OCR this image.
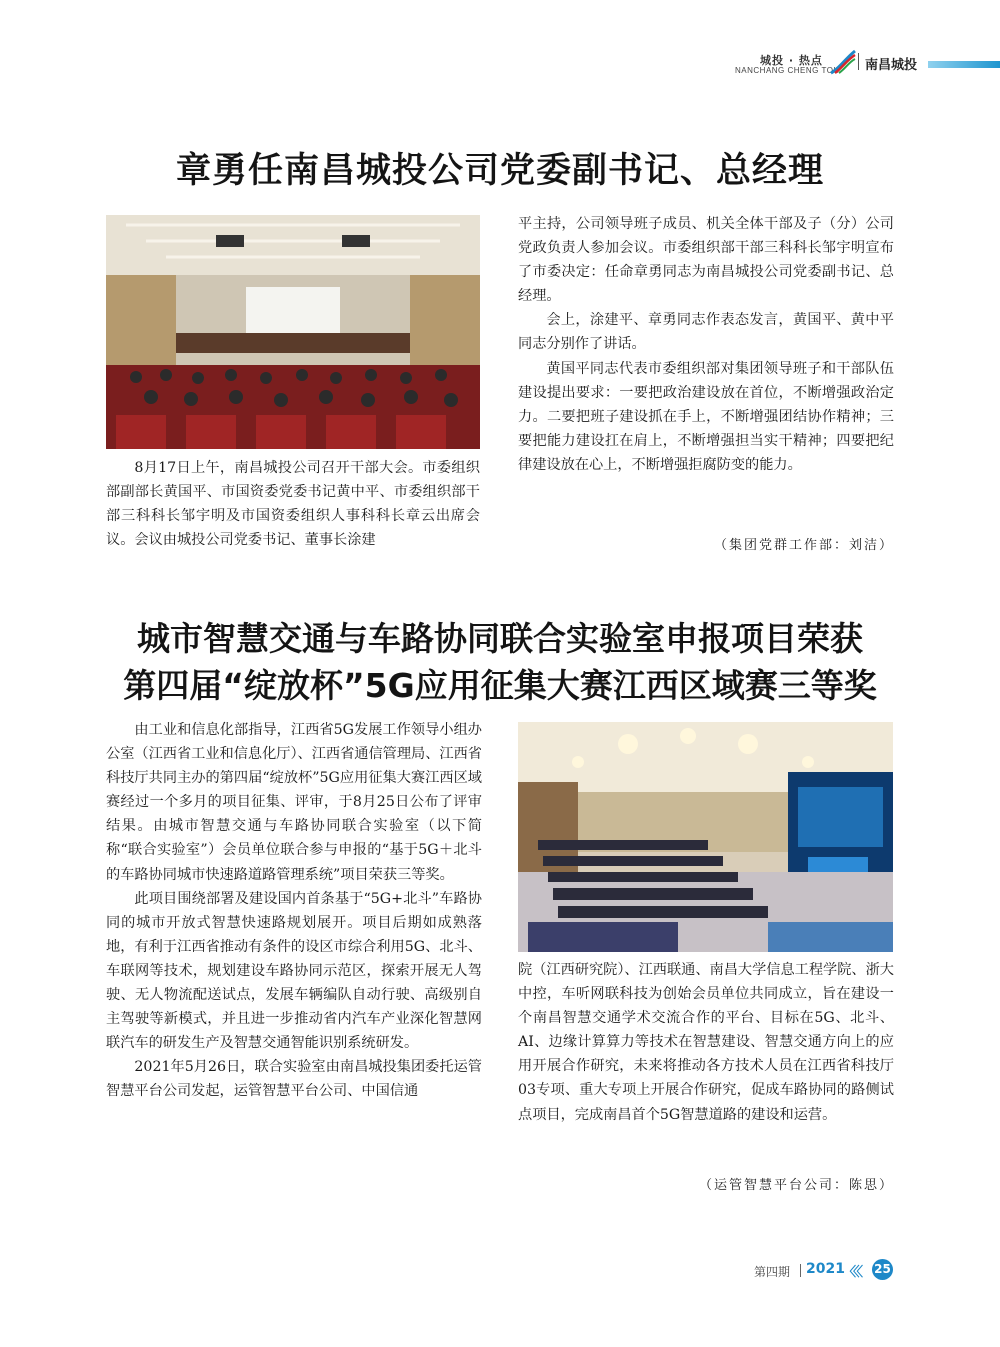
城投 · 热点
NANCHANG CHENG TOU 南昌城投
章勇任南昌城投公司党委副书记、总经理
8月17日上午，南昌城投公司召开干部大会。市委组织部副部长黄国平、市国资委党委书记黄中平、市委组织部干部三科科长邹宇明及市国资委组织人事科科长章云出席会议。会议由城投公司党委书记、董事长涂建

平主持，公司领导班子成员、机关全体干部及子（分）公司党政负责人参加会议。市委组织部干部三科科长邹宇明宣布了市委决定：任命章勇同志为南昌城投公司党委副书记、总经理。

会上，涂建平、章勇同志作表态发言，黄国平、黄中平同志分别作了讲话。

黄国平同志代表市委组织部对集团领导班子和干部队伍建设提出要求：一要把政治建设放在首位，不断增强政治定力。二要把班子建设抓在手上，不断增强团结协作精神；三要把能力建设扛在肩上，不断增强担当实干精神；四要把纪律建设放在心上，不断增强拒腐防变的能力。

（集团党群工作部：刘洁）
城市智慧交通与车路协同联合实验室申报项目荣获
第四届“绽放杯”5G应用征集大赛江西区域赛三等奖

由工业和信息化部指导，江西省5G发展工作领导小组办公室（江西省工业和信息化厅）、江西省通信管理局、江西省科技厅共同主办的第四届“绽放杯”5G应用征集大赛江西区域赛经过一个多月的项目征集、评审，于8月25日公布了评审结果。由城市智慧交通与车路协同联合实验室（以下简称“联合实验室”）会员单位联合参与申报的“基于5G＋北斗的车路协同城市快速路道路管理系统”项目荣获三等奖。

此项目围绕部署及建设国内首条基于“5G+北斗”车路协同的城市开放式智慧快速路规划展开。项目后期如成熟落地，有利于江西省推动有条件的设区市综合利用5G、北斗、车联网等技术，规划建设车路协同示范区，探索开展无人驾驶、无人物流配送试点，发展车辆编队自动行驶、高级别自主驾驶等新模式，并且进一步推动省内汽车产业深化智慧网联汽车的研发生产及智慧交通智能识别系统研发。

2021年5月26日，联合实验室由南昌城投集团委托运管智慧平台公司发起，运管智慧平台公司、中国信通

院（江西研究院）、江西联通、南昌大学信息工程学院、浙大中控，车听网联科技为创始会员单位共同成立，旨在建设一个南昌智慧交通学术交流合作的平台、目标在5G、北斗、AI、边缘计算算力等技术在智慧建设、智慧交通方向上的应用开展合作研究，未来将推动各方技术人员在江西省科技厅03专项、重大专项上开展合作研究，促成车路协同的路侧试点项目，完成南昌首个5G智慧道路的建设和运营。
（运管智慧平台公司：陈思）
第四期 2021
〈〈〈 25
